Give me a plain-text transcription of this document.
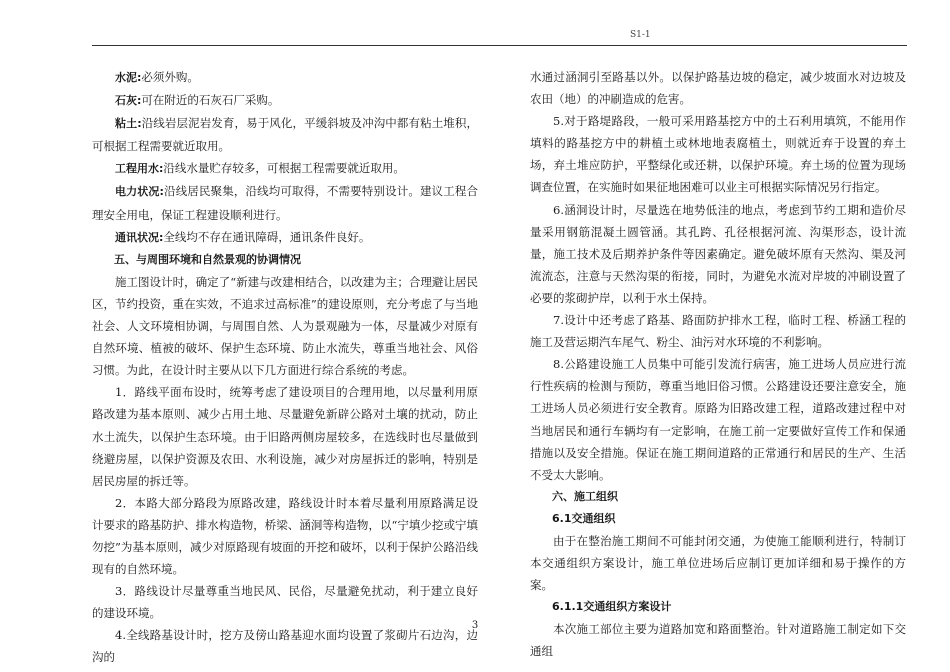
S1-1

水泥:必须外购。

石灰:可在附近的石灰石厂采购。

粘土:沿线岩层泥岩发育，易于风化，平缓斜坡及冲沟中都有粘土堆积，可根据工程需要就近取用。

工程用水:沿线水量贮存较多，可根据工程需要就近取用。

电力状况:沿线居民聚集，沿线均可取得，不需要特别设计。建议工程合理安全用电，保证工程建设顺利进行。

通讯状况:全线均不存在通讯障碍，通讯条件良好。

五、与周围环境和自然景观的协调情况

施工图设计时，确定了“新建与改建相结合，以改建为主；合理避让居民区，节约投资，重在实效，不追求过高标准”的建设原则，充分考虑了与当地社会、人文环境相协调，与周围自然、人为景观融为一体，尽量减少对原有自然环境、植被的破坏、保护生态环境、防止水流失，尊重当地社会、风俗习惯。为此，在设计时主要从以下几方面进行综合系统的考虑。

1．路线平面布设时，统筹考虑了建设项目的合理用地，以尽量利用原路改建为基本原则、减少占用土地、尽量避免新辟公路对土壤的扰动，防止水土流失，以保护生态环境。由于旧路两侧房屋较多，在选线时也尽量做到绕避房屋，以保护资源及农田、水利设施，减少对房屋拆迁的影响，特别是居民房屋的拆迁等。

2．本路大部分路段为原路改建，路线设计时本着尽量利用原路满足设计要求的路基防护、排水构造物，桥梁、涵洞等构造物，以“宁填少挖或宁填勿挖”为基本原则，减少对原路现有坡面的开挖和破坏，以利于保护公路沿线现有的自然环境。

3．路线设计尽量尊重当地民风、民俗，尽量避免扰动，利于建立良好的建设环境。

4.全线路基设计时，挖方及傍山路基迎水面均设置了浆砌片石边沟，边沟的

水通过涵洞引至路基以外。以保护路基边坡的稳定，减少坡面水对边坡及农田（地）的冲刷造成的危害。

5.对于路堤路段，一般可采用路基挖方中的土石利用填筑，不能用作填料的路基挖方中的耕植土或林地地表腐植土，则就近弃于设置的弃土场，弃土堆应防护，平整绿化或还耕，以保护环境。弃土场的位置为现场调查位置，在实施时如果征地困难可以业主可根据实际情况另行指定。

6.涵洞设计时，尽量选在地势低洼的地点，考虑到节约工期和造价尽量采用钢筋混凝土圆管涵。其孔跨、孔径根据河流、沟渠形态，设计流量，施工技术及后期养护条件等因素确定。避免破坏原有天然沟、渠及河流流态，注意与天然沟渠的衔接，同时，为避免水流对岸坡的冲刷设置了必要的浆砌护岸，以利于水土保持。

7.设计中还考虑了路基、路面防护排水工程，临时工程、桥涵工程的施工及营运期汽车尾气、粉尘、油污对水环境的不利影响。

8.公路建设施工人员集中可能引发流行病害，施工进场人员应进行流行性疾病的检测与预防，尊重当地旧俗习惯。公路建设还要注意安全，施工进场人员必须进行安全教育。原路为旧路改建工程，道路改建过程中对当地居民和通行车辆均有一定影响，在施工前一定要做好宣传工作和保通措施以及安全措施。保证在施工期间道路的正常通行和居民的生产、生活不受太大影响。

六、施工组织

6.1交通组织

由于在整治施工期间不可能封闭交通，为使施工能顺利进行，特制订本交通组织方案设计，施工单位进场后应制订更加详细和易于操作的方案。

6.1.1交通组织方案设计

本次施工部位主要为道路加宽和路面整治。针对道路施工制定如下交通组

3
